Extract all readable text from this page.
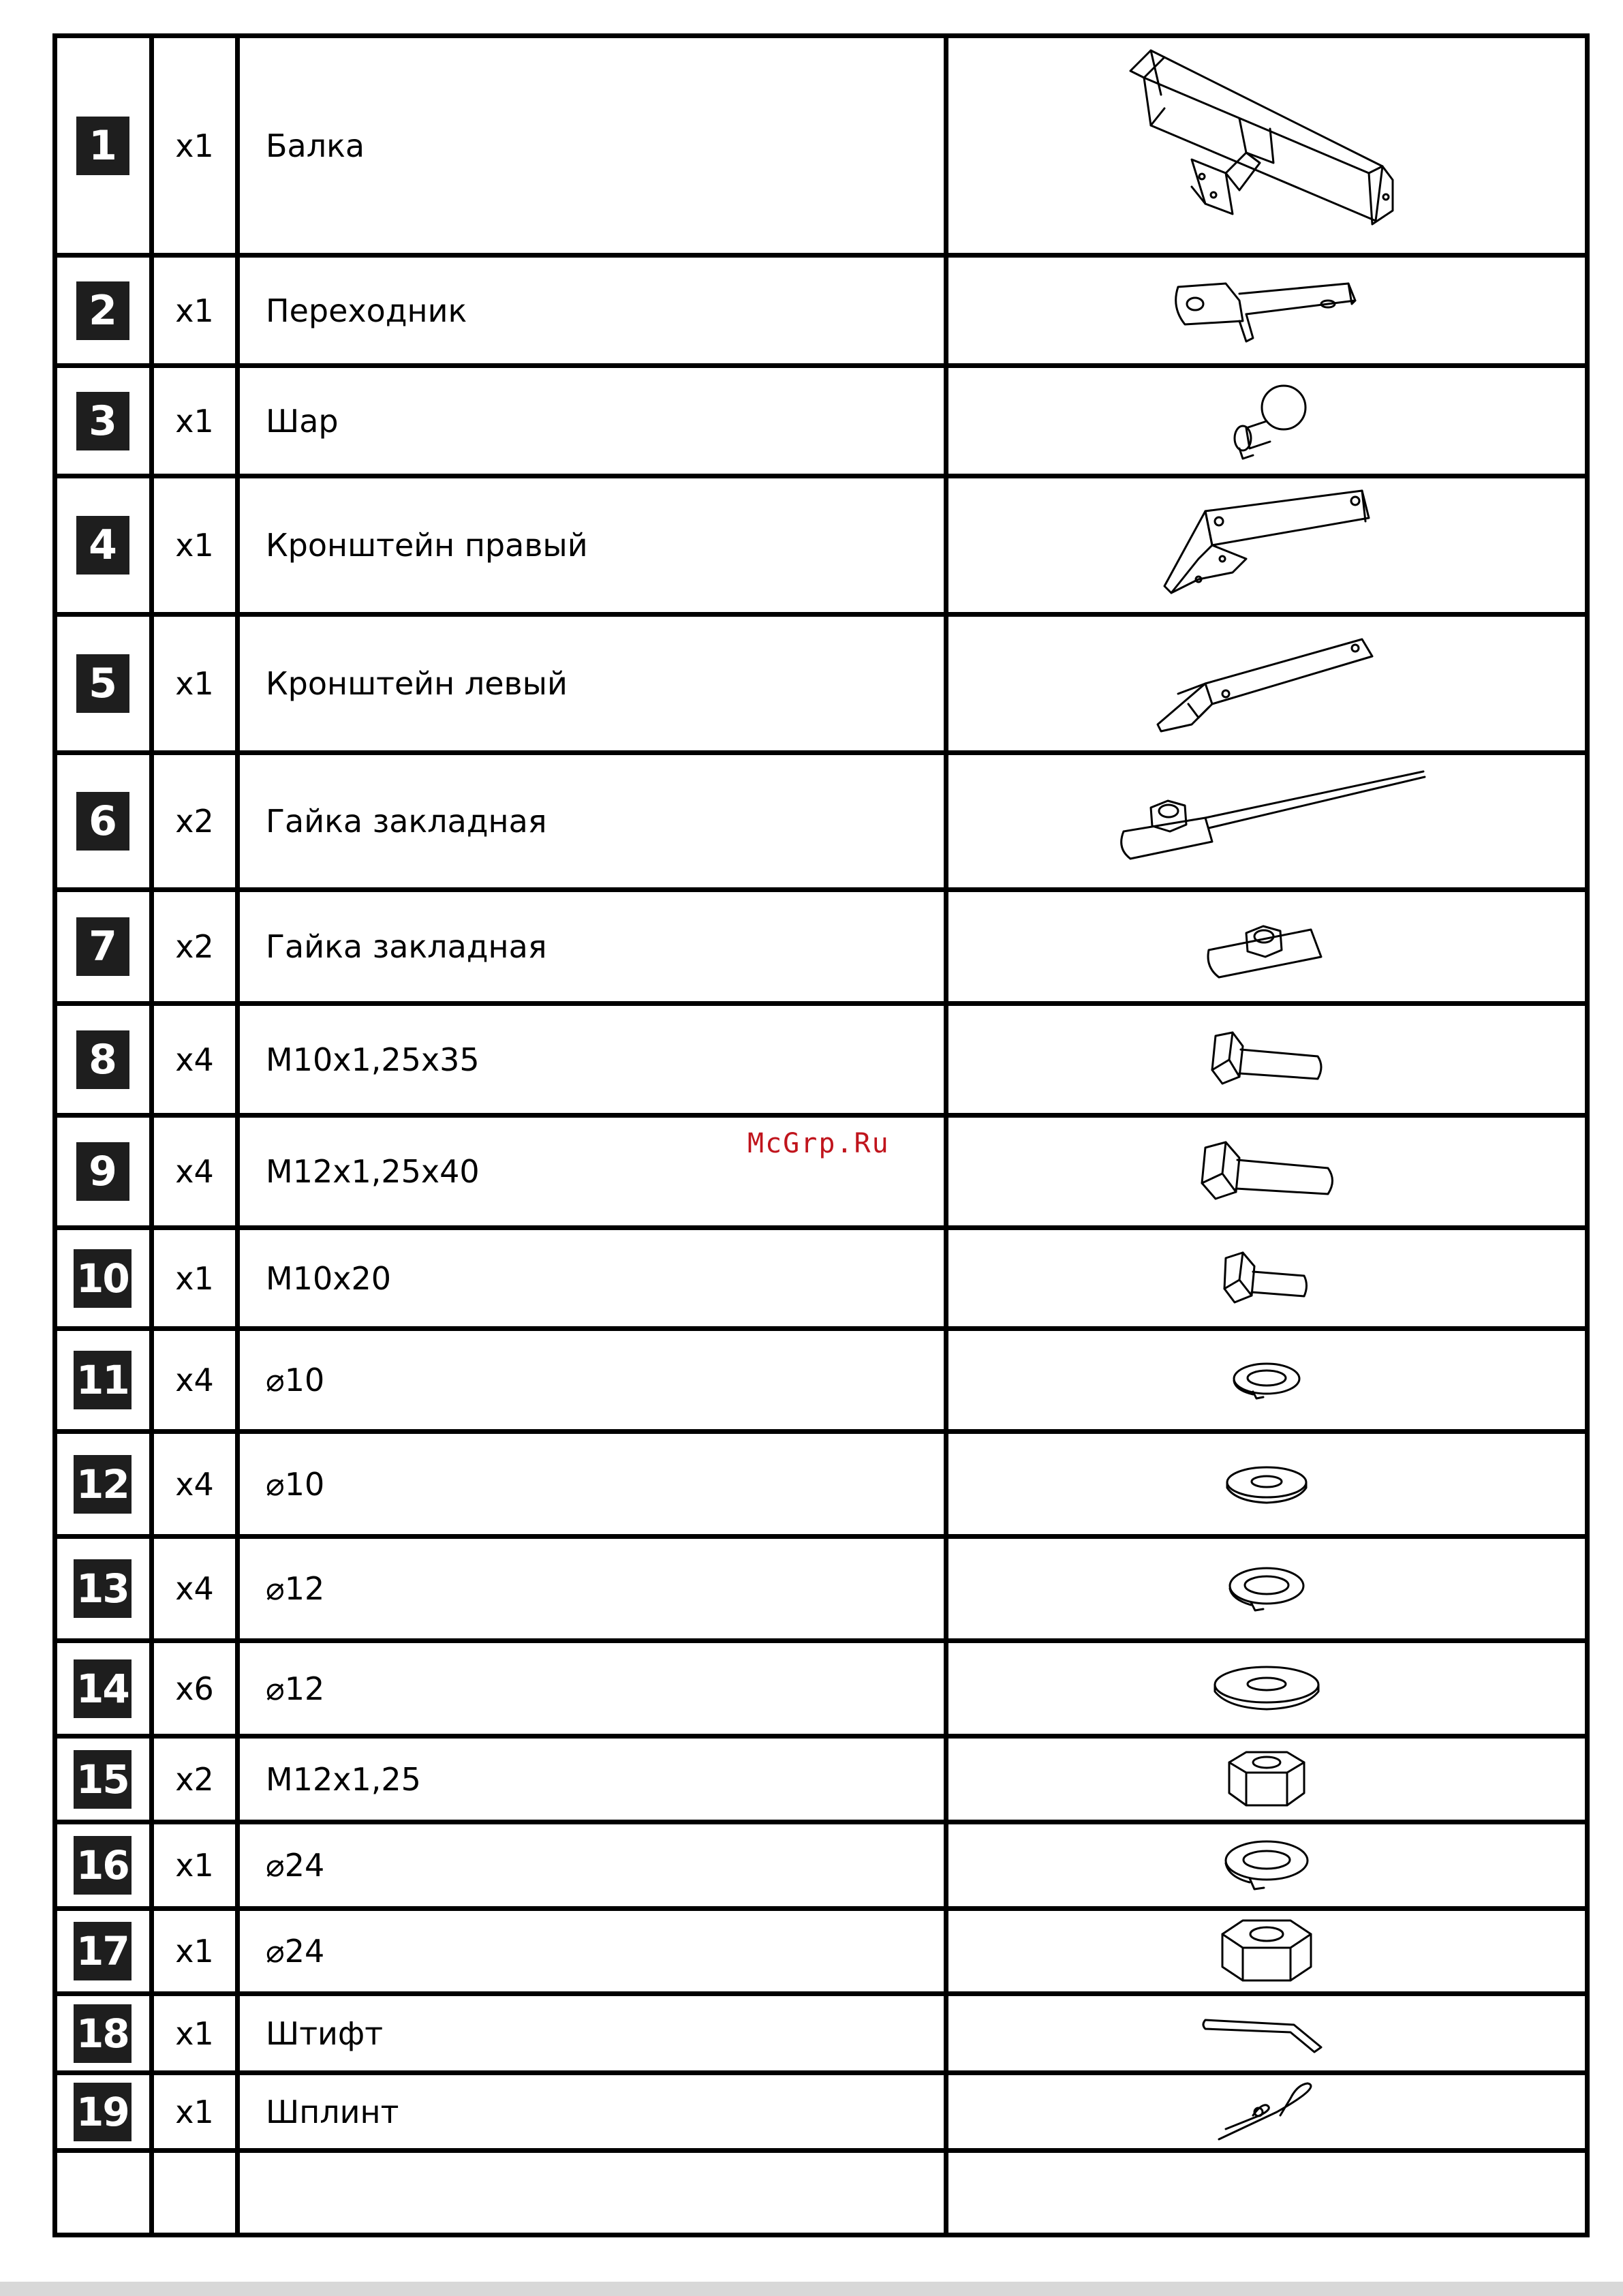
1	x1	Балка	

2	x1	Переходник	

3	x1	Шар	

4	x1	Кронштейн правый	

5	x1	Кронштейн левый	

6	x2	Гайка закладная	

7	x2	Гайка закладная	

8	x4	M10x1,25x35	

9	x4	M12x1,25x40	

10	x1	M10x20	

11	x4	⌀10	

12	x4	⌀10	

13	x4	⌀12	

14	x6	⌀12	

15	x2	M12x1,25	

16	x1	⌀24	

17	x1	⌀24	

18	x1	Штифт	

19	x1	Шплинт	

McGrp.Ru
